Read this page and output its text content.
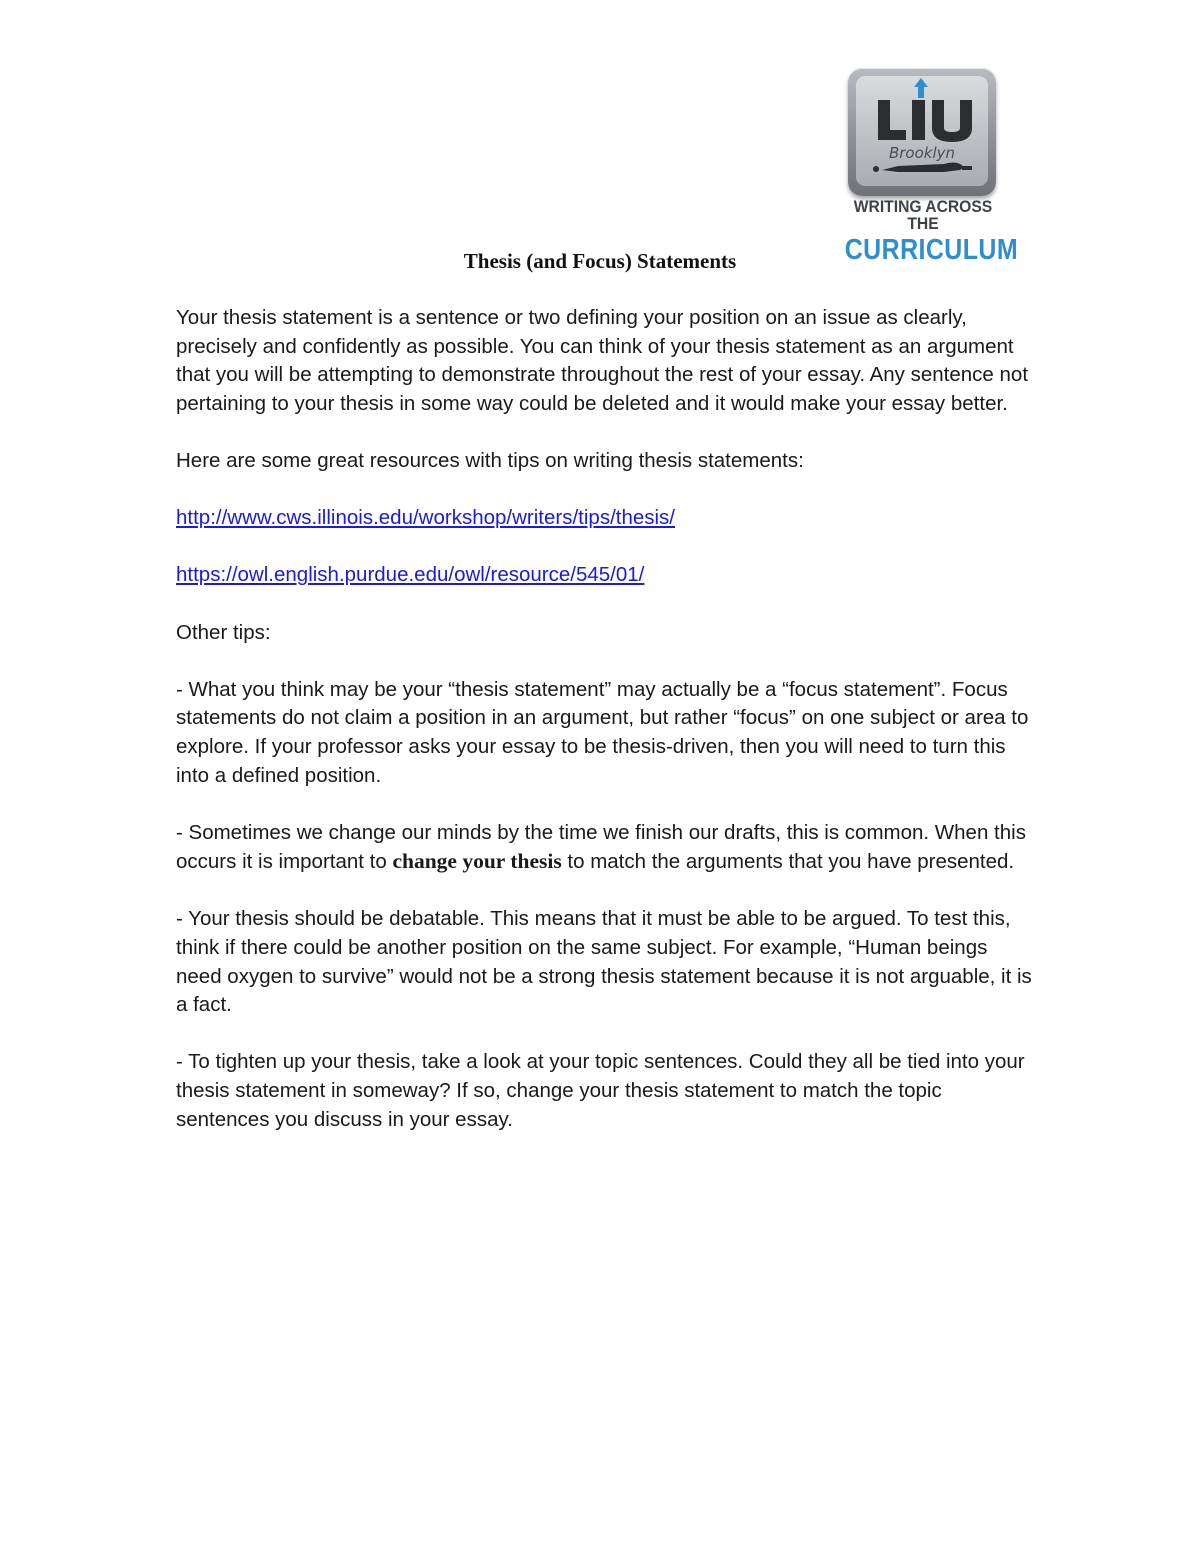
Brooklyn
WRITING ACROSS THE
CURRICULUM
Thesis (and Focus) Statements

Your thesis statement is a sentence or two defining your position on an issue as clearly, precisely and confidently as possible. You can think of your thesis statement as an argument that you will be attempting to demonstrate throughout the rest of your essay. Any sentence not pertaining to your thesis in some way could be deleted and it would make your essay better.

Here are some great resources with tips on writing thesis statements:

http://www.cws.illinois.edu/workshop/writers/tips/thesis/

https://owl.english.purdue.edu/owl/resource/545/01/

Other tips:

- What you think may be your “thesis statement” may actually be a “focus statement”. Focus statements do not claim a position in an argument, but rather “focus” on one subject or area to explore. If your professor asks your essay to be thesis-driven, then you will need to turn this into a defined position.

- Sometimes we change our minds by the time we finish our drafts, this is common. When this occurs it is important to change your thesis to match the arguments that you have presented.

- Your thesis should be debatable. This means that it must be able to be argued. To test this, think if there could be another position on the same subject. For example, “Human beings need oxygen to survive” would not be a strong thesis statement because it is not arguable, it is a fact.

- To tighten up your thesis, take a look at your topic sentences. Could they all be tied into your thesis statement in someway? If so, change your thesis statement to match the topic sentences you discuss in your essay.
